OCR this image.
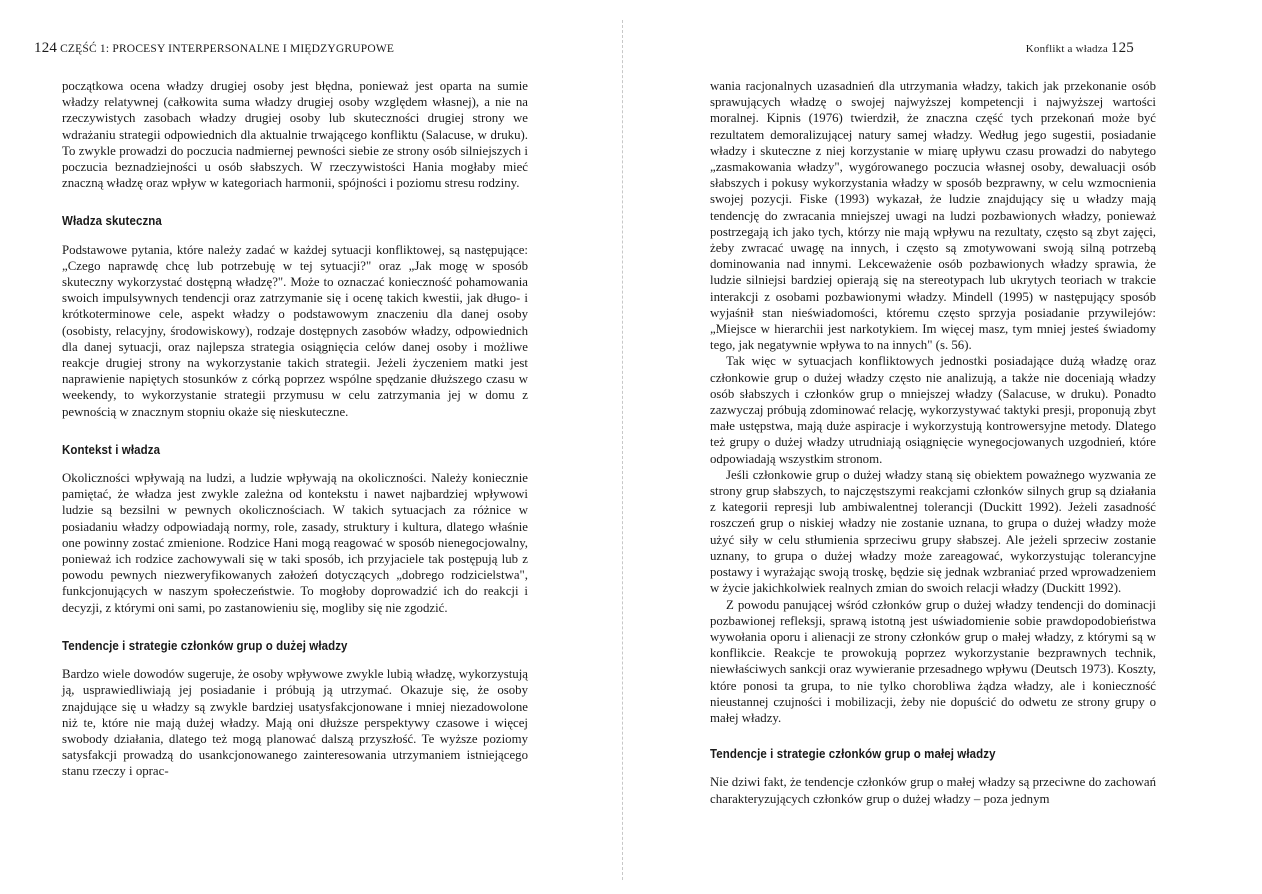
124 CZĘŚĆ 1: PROCESY INTERPERSONALNE I MIĘDZYGRUPOWE

początkowa ocena władzy drugiej osoby jest błędna, ponieważ jest oparta na sumie władzy relatywnej (całkowita suma władzy drugiej osoby względem własnej), a nie na rzeczywistych zasobach władzy drugiej osoby lub skuteczności drugiej strony we wdrażaniu strategii odpowiednich dla aktualnie trwającego konfliktu (Salacuse, w druku). To zwykle prowadzi do poczucia nadmiernej pewności siebie ze strony osób silniejszych i poczucia beznadziejności u osób słabszych. W rzeczywistości Hania mogłaby mieć znaczną władzę oraz wpływ w kategoriach harmonii, spójności i poziomu stresu rodziny.

Władza skuteczna

Podstawowe pytania, które należy zadać w każdej sytuacji konfliktowej, są następujące: „Czego naprawdę chcę lub potrzebuję w tej sytuacji?" oraz „Jak mogę w sposób skuteczny wykorzystać dostępną władzę?". Może to oznaczać konieczność pohamowania swoich impulsywnych tendencji oraz zatrzymanie się i ocenę takich kwestii, jak długo- i krótkoterminowe cele, aspekt władzy o podstawowym znaczeniu dla danej osoby (osobisty, relacyjny, środowiskowy), rodzaje dostępnych zasobów władzy, odpowiednich dla danej sytuacji, oraz najlepsza strategia osiągnięcia celów danej osoby i możliwe reakcje drugiej strony na wykorzystanie takich strategii. Jeżeli życzeniem matki jest naprawienie napiętych stosunków z córką poprzez wspólne spędzanie dłuższego czasu w weekendy, to wykorzystanie strategii przymusu w celu zatrzymania jej w domu z pewnością w znacznym stopniu okaże się nieskuteczne.

Kontekst i władza

Okoliczności wpływają na ludzi, a ludzie wpływają na okoliczności. Należy koniecznie pamiętać, że władza jest zwykle zależna od kontekstu i nawet najbardziej wpływowi ludzie są bezsilni w pewnych okolicznościach. W takich sytuacjach za różnice w posiadaniu władzy odpowiadają normy, role, zasady, struktury i kultura, dlatego właśnie one powinny zostać zmienione. Rodzice Hani mogą reagować w sposób nienegocjowalny, ponieważ ich rodzice zachowywali się w taki sposób, ich przyjaciele tak postępują lub z powodu pewnych niezweryfikowanych założeń dotyczących „dobrego rodzicielstwa", funkcjonujących w naszym społeczeństwie. To mogłoby doprowadzić ich do reakcji i decyzji, z którymi oni sami, po zastanowieniu się, mogliby się nie zgodzić.

Tendencje i strategie członków grup o dużej władzy

Bardzo wiele dowodów sugeruje, że osoby wpływowe zwykle lubią władzę, wykorzystują ją, usprawiedliwiają jej posiadanie i próbują ją utrzymać. Okazuje się, że osoby znajdujące się u władzy są zwykle bardziej usatysfakcjonowane i mniej niezadowolone niż te, które nie mają dużej władzy. Mają oni dłuższe perspektywy czasowe i więcej swobody działania, dlatego też mogą planować dalszą przyszłość. Te wyższe poziomy satysfakcji prowadzą do usankcjonowanego zainteresowania utrzymaniem istniejącego stanu rzeczy i oprac-

Konflikt a władza 125

wania racjonalnych uzasadnień dla utrzymania władzy, takich jak przekonanie osób sprawujących władzę o swojej najwyższej kompetencji i najwyższej wartości moralnej. Kipnis (1976) twierdził, że znaczna część tych przekonań może być rezultatem demoralizującej natury samej władzy. Według jego sugestii, posiadanie władzy i skuteczne z niej korzystanie w miarę upływu czasu prowadzi do nabytego „zasmakowania władzy", wygórowanego poczucia własnej osoby, dewaluacji osób słabszych i pokusy wykorzystania władzy w sposób bezprawny, w celu wzmocnienia swojej pozycji. Fiske (1993) wykazał, że ludzie znajdujący się u władzy mają tendencję do zwracania mniejszej uwagi na ludzi pozbawionych władzy, ponieważ postrzegają ich jako tych, którzy nie mają wpływu na rezultaty, często są zbyt zajęci, żeby zwracać uwagę na innych, i często są zmotywowani swoją silną potrzebą dominowania nad innymi. Lekceważenie osób pozbawionych władzy sprawia, że ludzie silniejsi bardziej opierają się na stereotypach lub ukrytych teoriach w trakcie interakcji z osobami pozbawionymi władzy. Mindell (1995) w następujący sposób wyjaśnił stan nieświadomości, któremu często sprzyja posiadanie przywilejów: „Miejsce w hierarchii jest narkotykiem. Im więcej masz, tym mniej jesteś świadomy tego, jak negatywnie wpływa to na innych" (s. 56).

Tak więc w sytuacjach konfliktowych jednostki posiadające dużą władzę oraz członkowie grup o dużej władzy często nie analizują, a także nie doceniają władzy osób słabszych i członków grup o mniejszej władzy (Salacuse, w druku). Ponadto zazwyczaj próbują zdominować relację, wykorzystywać taktyki presji, proponują zbyt małe ustępstwa, mają duże aspiracje i wykorzystują kontrowersyjne metody. Dlatego też grupy o dużej władzy utrudniają osiągnięcie wynegocjowanych uzgodnień, które odpowiadają wszystkim stronom.

Jeśli członkowie grup o dużej władzy staną się obiektem poważnego wyzwania ze strony grup słabszych, to najczęstszymi reakcjami członków silnych grup są działania z kategorii represji lub ambiwalentnej tolerancji (Duckitt 1992). Jeżeli zasadność roszczeń grup o niskiej władzy nie zostanie uznana, to grupa o dużej władzy może użyć siły w celu stłumienia sprzeciwu grupy słabszej. Ale jeżeli sprzeciw zostanie uznany, to grupa o dużej władzy może zareagować, wykorzystując tolerancyjne postawy i wyrażając swoją troskę, będzie się jednak wzbraniać przed wprowadzeniem w życie jakichkolwiek realnych zmian do swoich relacji władzy (Duckitt 1992).

Z powodu panującej wśród członków grup o dużej władzy tendencji do dominacji pozbawionej refleksji, sprawą istotną jest uświadomienie sobie prawdopodobieństwa wywołania oporu i alienacji ze strony członków grup o małej władzy, z którymi są w konflikcie. Reakcje te prowokują poprzez wykorzystanie bezprawnych technik, niewłaściwych sankcji oraz wywieranie przesadnego wpływu (Deutsch 1973). Koszty, które ponosi ta grupa, to nie tylko chorobliwa żądza władzy, ale i konieczność nieustannej czujności i mobilizacji, żeby nie dopuścić do odwetu ze strony grupy o małej władzy.

Tendencje i strategie członków grup o małej władzy

Nie dziwi fakt, że tendencje członków grup o małej władzy są przeciwne do zachowań charakteryzujących członków grup o dużej władzy – poza jednym
